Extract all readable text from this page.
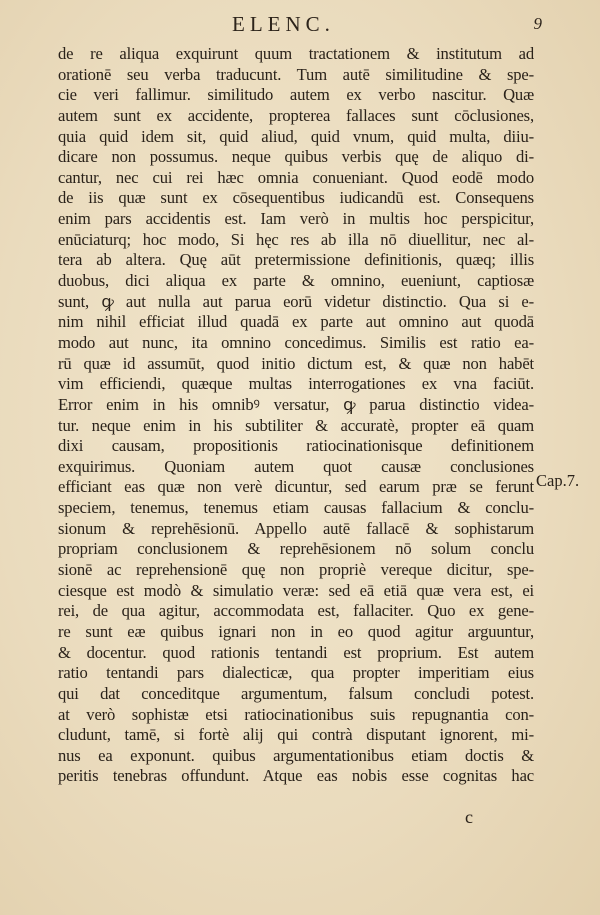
ELENC.	9
de re aliqua exquirunt quum tractationem & institutum ad
orationē seu verba traducunt. Tum autē similitudine & spe-
cie veri fallimur. similitudo autem ex verbo nascitur. Quæ
autem sunt ex accidente, propterea fallaces sunt cōclusiones,
quia quid idem sit, quid aliud, quid vnum, quid multa, diiu-
dicare non possumus. neque quibus verbis quę de aliquo di-
cantur, nec cui rei hæc omnia conueniant. Quod eodē modo
de iis quæ sunt ex cōsequentibus iudicandū est. Consequens
enim pars accidentis est. Iam verò in multis hoc perspicitur,
enūciaturq; hoc modo, Si hęc res ab illa nō diuellitur, nec al-
tera ab altera. Quę aūt pretermissione definitionis, quæq; illis
duobus, dici aliqua ex parte & omnino, eueniunt, captiosæ
sunt, ꝙ aut nulla aut parua eorū videtur distinctio. Qua si e-
nim nihil efficiat illud quadā ex parte aut omnino aut quodā
modo aut nunc, ita omnino concedimus. Similis est ratio ea-
rū quæ id assumūt, quod initio dictum est, & quæ non habēt
vim efficiendi, quæque multas interrogationes ex vna faciūt.
Error enim in his omnibꝰ versatur, ꝙ parua distinctio videa-
tur. neque enim in his subtiliter & accuratè, propter eā quam
dixi causam, propositionis ratiocinationisque definitionem
exquirimus. Quoniam autem quot causæ conclusiones
efficiant eas quæ non verè dicuntur, sed earum præ se ferunt
speciem, tenemus, tenemus etiam causas fallacium & conclu-
sionum & reprehēsionū. Appello autē fallacē & sophistarum
propriam conclusionem & reprehēsionem nō solum conclu
sionē ac reprehensionē quę non propriè vereque dicitur, spe-
ciesque est modò & simulatio veræ: sed eā etiā quæ vera est, ei
rei, de qua agitur, accommodata est, fallaciter. Quo ex gene-
re sunt eæ quibus ignari non in eo quod agitur arguuntur,
& docentur. quod rationis tentandi est proprium. Est autem
ratio tentandi pars dialecticæ, qua propter imperitiam eius
qui dat conceditque argumentum, falsum concludi potest.
at verò sophistæ etsi ratiocinationibus suis repugnantia con-
cludunt, tamē, si fortè alij qui contrà disputant ignorent, mi-
nus ea exponunt. quibus argumentationibus etiam doctis &
peritis tenebras offundunt. Atque eas nobis esse cognitas hac
Cap.7.
c
